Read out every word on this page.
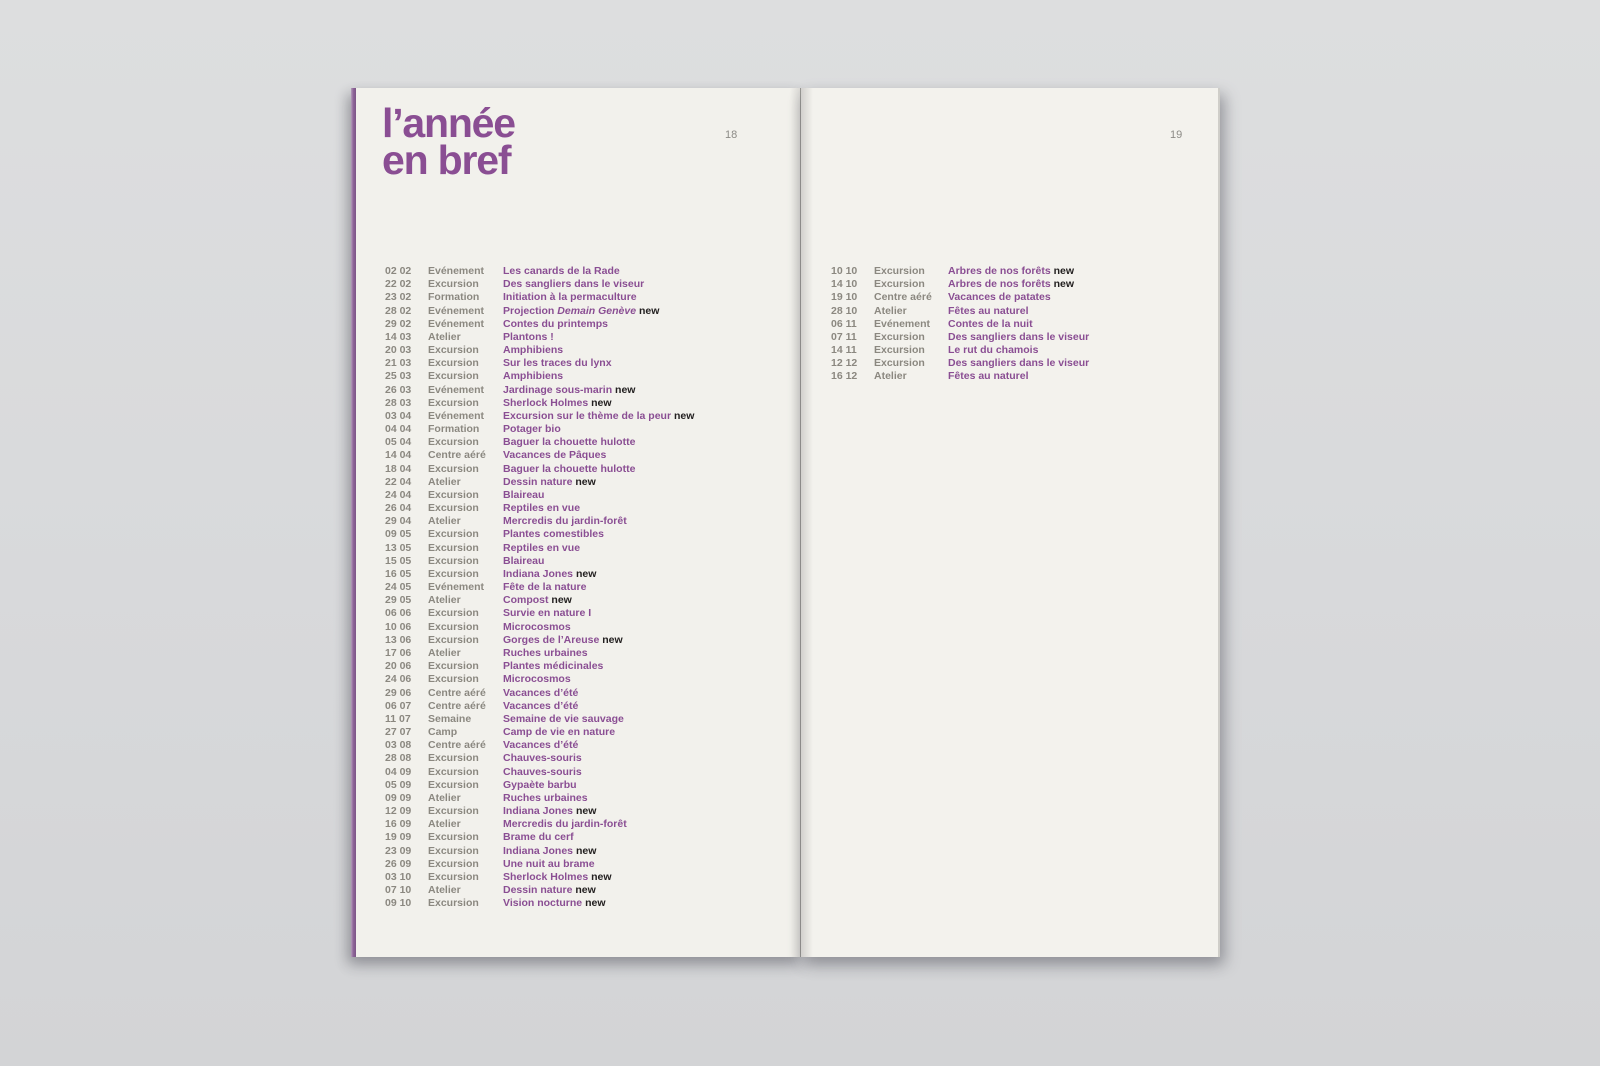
l’année
en bref
18
02 02	Evénement	Les canards de la Rade
22 02	Excursion	Des sangliers dans le viseur
23 02	Formation	Initiation à la permaculture
28 02	Evénement	Projection Demain Genève new
29 02	Evénement	Contes du printemps
14 03	Atelier	Plantons !
20 03	Excursion	Amphibiens
21 03	Excursion	Sur les traces du lynx
25 03	Excursion	Amphibiens
26 03	Evénement	Jardinage sous-marin new
28 03	Excursion	Sherlock Holmes new
03 04	Evénement	Excursion sur le thème de la peur new
04 04	Formation	Potager bio
05 04	Excursion	Baguer la chouette hulotte
14 04	Centre aéré	Vacances de Pâques
18 04	Excursion	Baguer la chouette hulotte
22 04	Atelier	Dessin nature new
24 04	Excursion	Blaireau
26 04	Excursion	Reptiles en vue
29 04	Atelier	Mercredis du jardin-forêt
09 05	Excursion	Plantes comestibles
13 05	Excursion	Reptiles en vue
15 05	Excursion	Blaireau
16 05	Excursion	Indiana Jones new
24 05	Evénement	Fête de la nature
29 05	Atelier	Compost new
06 06	Excursion	Survie en nature I
10 06	Excursion	Microcosmos
13 06	Excursion	Gorges de l’Areuse new
17 06	Atelier	Ruches urbaines
20 06	Excursion	Plantes médicinales
24 06	Excursion	Microcosmos
29 06	Centre aéré	Vacances d’été
06 07	Centre aéré	Vacances d’été
11 07	Semaine	Semaine de vie sauvage
27 07	Camp	Camp de vie en nature
03 08	Centre aéré	Vacances d’été
28 08	Excursion	Chauves-souris
04 09	Excursion	Chauves-souris
05 09	Excursion	Gypaète barbu
09 09	Atelier	Ruches urbaines
12 09	Excursion	Indiana Jones new
16 09	Atelier	Mercredis du jardin-forêt
19 09	Excursion	Brame du cerf
23 09	Excursion	Indiana Jones new
26 09	Excursion	Une nuit au brame
03 10	Excursion	Sherlock Holmes new
07 10	Atelier	Dessin nature new
09 10	Excursion	Vision nocturne new
19
10 10	Excursion	Arbres de nos forêts new
14 10	Excursion	Arbres de nos forêts new
19 10	Centre aéré	Vacances de patates
28 10	Atelier	Fêtes au naturel
06 11	Evénement	Contes de la nuit
07 11	Excursion	Des sangliers dans le viseur
14 11	Excursion	Le rut du chamois
12 12	Excursion	Des sangliers dans le viseur
16 12	Atelier	Fêtes au naturel
